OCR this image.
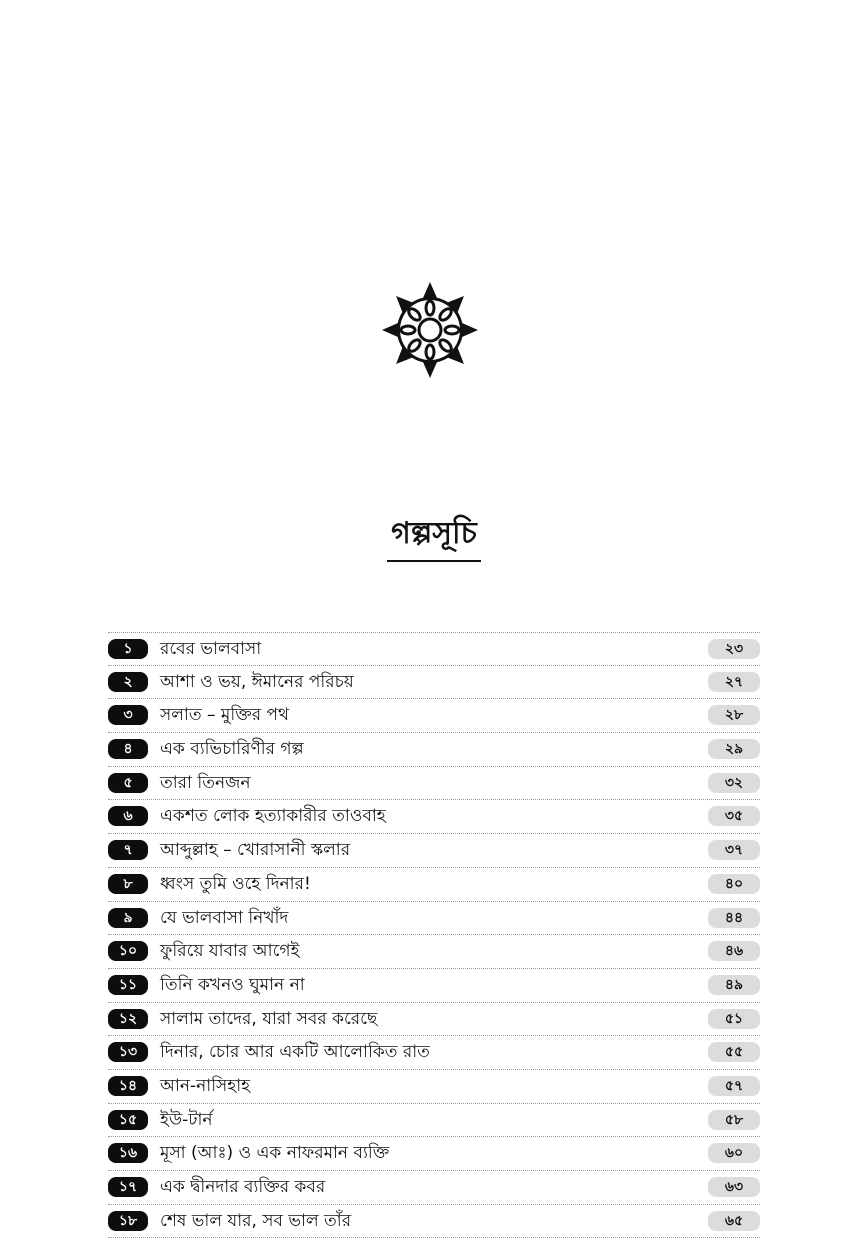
গল্পসূচি
১	রবের ভালবাসা	২৩
২	আশা ও ভয়, ঈমানের পরিচয়	২৭
৩	সলাত – মুক্তির পথ	২৮
৪	এক ব্যভিচারিণীর গল্প	২৯
৫	তারা তিনজন	৩২
৬	একশত লোক হত্যাকারীর তাওবাহ	৩৫
৭	আব্দুল্লাহ – খোরাসানী স্কলার	৩৭
৮	ধ্বংস তুমি ওহে দিনার!	৪০
৯	যে ভালবাসা নিখাঁদ	৪৪
১০	ফুরিয়ে যাবার আগেই	৪৬
১১	তিনি কখনও ঘুমান না	৪৯
১২	সালাম তাদের, যারা সবর করেছে	৫১
১৩	দিনার, চোর আর একটি আলোকিত রাত	৫৫
১৪	আন-নাসিহাহ	৫৭
১৫	ইউ-টার্ন	৫৮
১৬	মূসা (আঃ) ও এক নাফরমান ব্যক্তি	৬০
১৭	এক দ্বীনদার ব্যক্তির কবর	৬৩
১৮	শেষ ভাল যার, সব ভাল তাঁর	৬৫
